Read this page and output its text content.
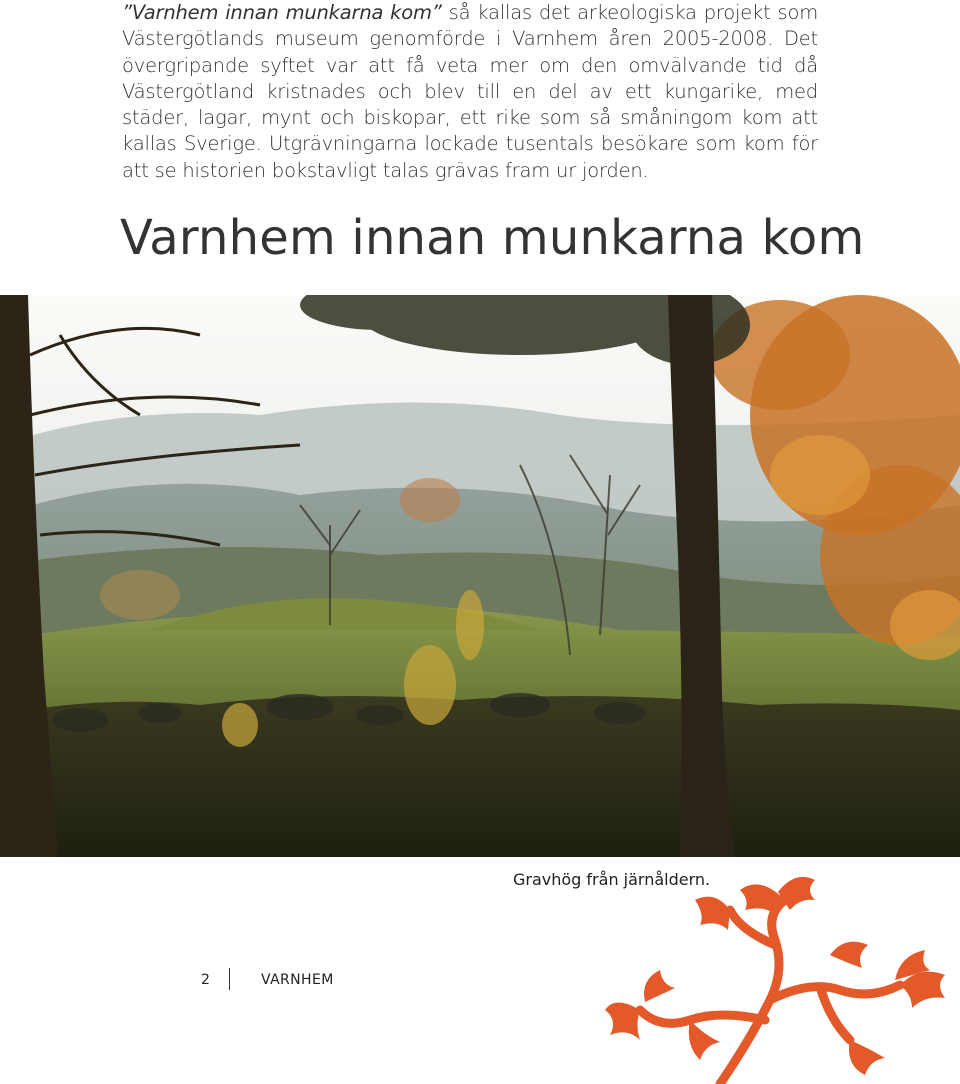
”Varnhem innan munkarna kom” så kallas det arkeologiska projekt som Västergötlands museum genomförde i Varnhem åren 2005-2008. Det övergripande syftet var att få veta mer om den omvälvande tid då Västergötland kristnades och blev till en del av ett kungarike, med städer, lagar, mynt och biskopar, ett rike som så småningom kom att kallas Sverige. Utgrävningarna lockade tusentals besökare som kom för att se historien bokstavligt talas grävas fram ur jorden.
Varnhem innan munkarna kom
Gravhög från järnåldern.
2	VARNHEM
